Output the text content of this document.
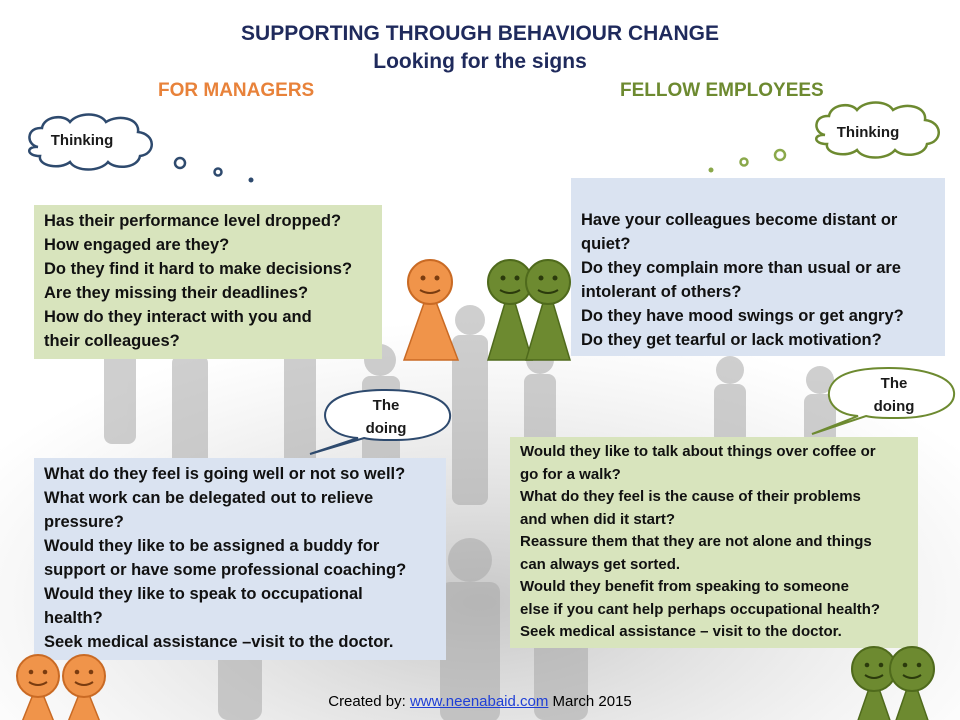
SUPPORTING THROUGH BEHAVIOUR CHANGE
Looking for the signs
FOR MANAGERS	FELLOW EMPLOYEES
Thinking	Thinking
Has their performance level dropped?
How engaged are they?
Do they find it hard to make decisions?
Are they missing their deadlines?
How do they interact with you and
their colleagues?
Have your colleagues become distant or
quiet?
Do they complain more than usual or are
intolerant of others?
Do they have mood swings or get angry?
Do they get tearful or lack motivation?
The
doing
The
doing
What do they feel is going well or not so well?
What work can be delegated out to relieve
pressure?
Would they like to be assigned a buddy for
support or have some professional coaching?
Would they like to speak to occupational
health?
Seek medical assistance –visit to the doctor.
Would they like to talk about things over coffee or
go for a walk?
What do they feel is the cause of their problems
and when did it start?
Reassure them that they are not alone and things
can always get sorted.
Would they benefit from speaking to someone
else if you cant help perhaps occupational health?
Seek medical assistance – visit to the doctor.
Created by: www.neenabaid.com March 2015
